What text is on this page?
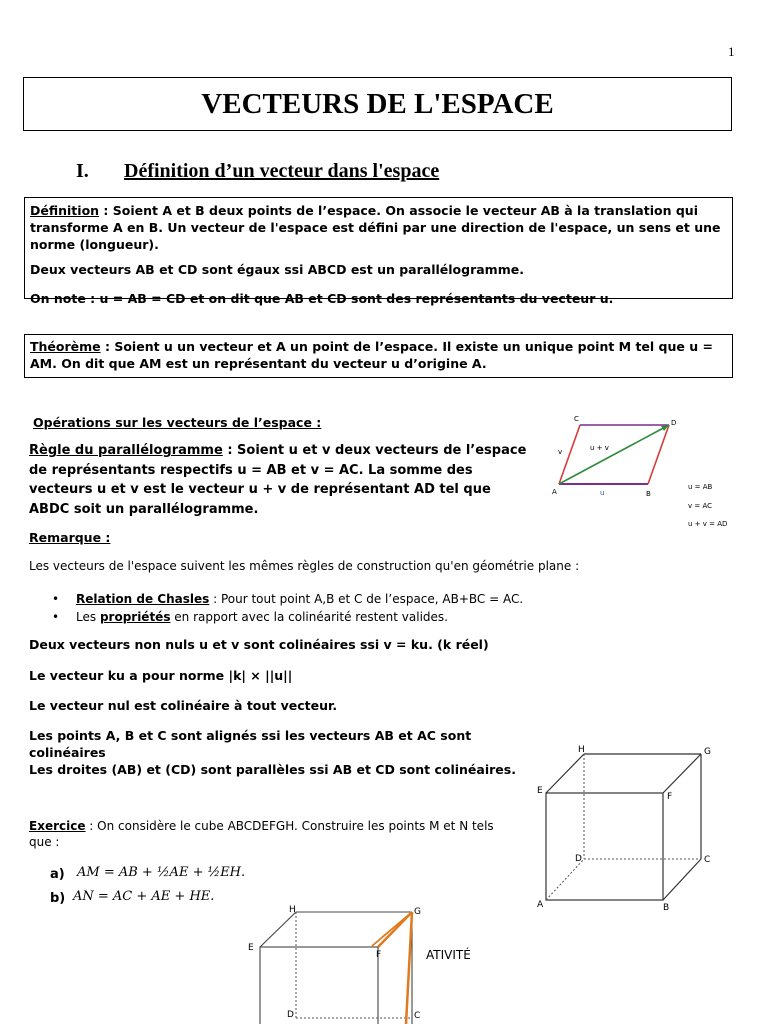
1
VECTEURS DE L'ESPACE
I. Définition d’un vecteur dans l'espace
Définition : Soient A et B deux points de l’espace. On associe le vecteur AB à la translation qui transforme A en B. Un vecteur de l'espace est défini par une direction de l'espace, un sens et une norme (longueur).
Deux vecteurs AB et CD sont égaux ssi ABCD est un parallélogramme.
On note : u = AB = CD et on dit que AB et CD sont des représentants du vecteur u.
Théorème : Soient u un vecteur et A un point de l’espace. Il existe un unique point M tel que u = AM. On dit que AM est un représentant du vecteur u d’origine A.
Opérations sur les vecteurs de l’espace :
Règle du parallélogramme : Soient u et v deux vecteurs de l’espace de représentants respectifs u = AB et v = AC. La somme des vecteurs u et v est le vecteur u + v de représentant AD tel que ABDC soit un parallélogramme.
A	B
C	D
u
v	u + v
u = AB
v = AC
u + v = AD
Remarque :
Les vecteurs de l'espace suivent les mêmes règles de construction qu'en géométrie plane :
• Relation de Chasles : Pour tout point A,B et C de l’espace, AB+BC = AC.
• Les propriétés en rapport avec la colinéarité restent valides.
Deux vecteurs non nuls u et v sont colinéaires ssi v = ku. (k réel)
Le vecteur ku a pour norme |k| × ||u||
Le vecteur nul est colinéaire à tout vecteur.
Les points A, B et C sont alignés ssi les vecteurs AB et AC sont colinéaires
Les droites (AB) et (CD) sont parallèles ssi AB et CD sont colinéaires.
H	G
E
F
D	C
A	B
Exercice : On considère le cube ABCDEFGH. Construire les points M et N tels que :
a) AM = AB + ½AE + ½EH.
b) AN = AC + AE + HE.
H	G
E
F
D	C
ATIVITÉ
